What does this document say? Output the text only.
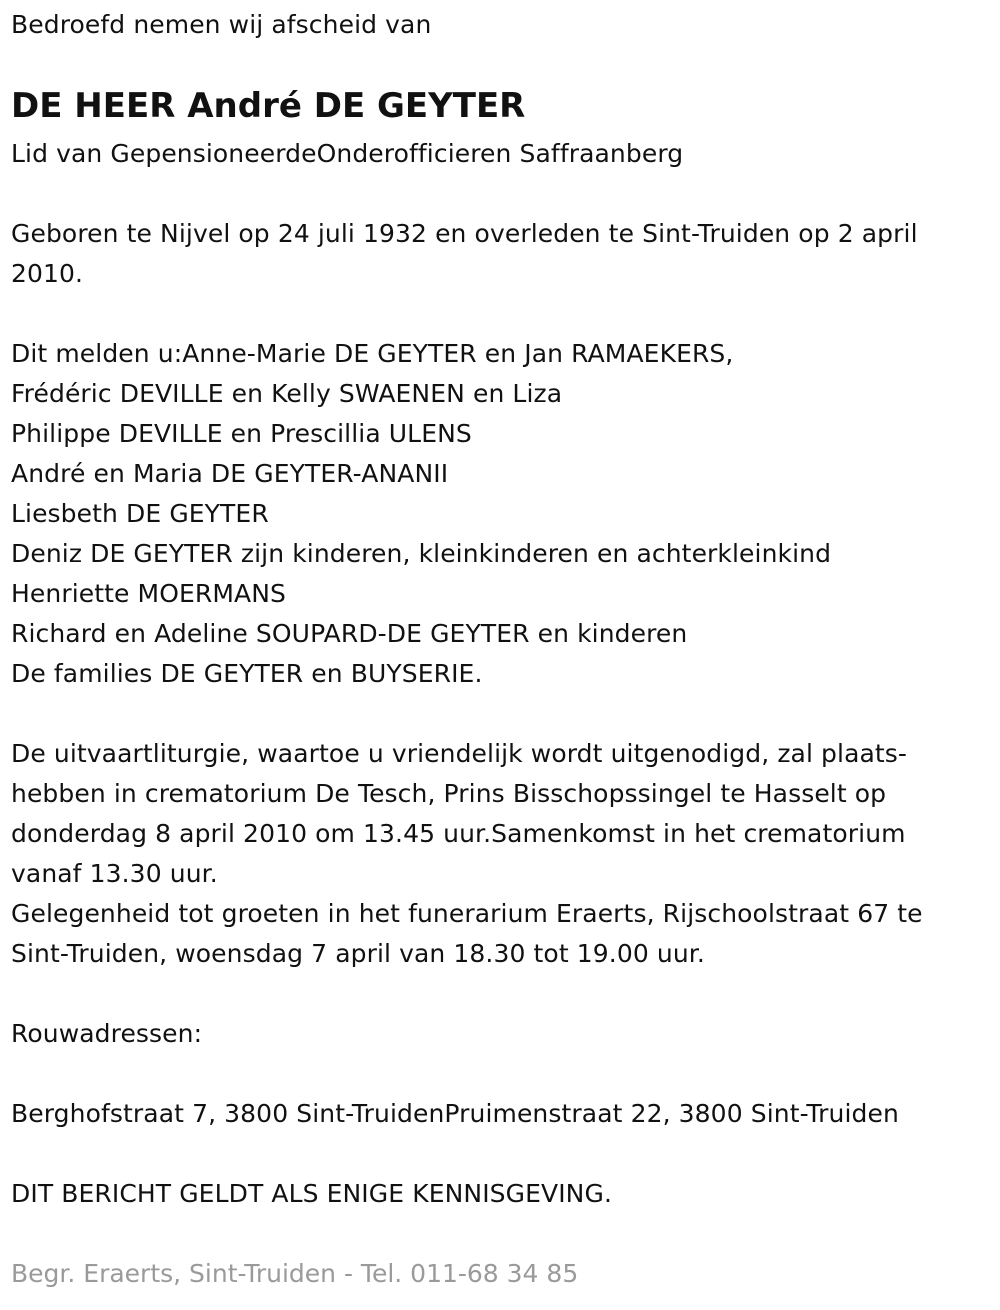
Bedroefd nemen wij afscheid van
DE HEER André DE GEYTER
Lid van GepensioneerdeOnderofficieren Saffraanberg
Geboren te Nijvel op 24 juli 1932 en overleden te Sint-Truiden op 2 april
2010.
Dit melden u:Anne-Marie DE GEYTER en Jan RAMAEKERS,
Frédéric DEVILLE en Kelly SWAENEN en Liza
Philippe DEVILLE en Prescillia ULENS
André en Maria DE GEYTER-ANANII
Liesbeth DE GEYTER
Deniz DE GEYTER zijn kinderen, kleinkinderen en achterkleinkind
Henriette MOERMANS
Richard en Adeline SOUPARD-DE GEYTER en kinderen
De families DE GEYTER en BUYSERIE.
De uitvaartliturgie, waartoe u vriendelijk wordt uitgenodigd, zal plaats-
hebben in crematorium De Tesch, Prins Bisschopssingel te Hasselt op
donderdag 8 april 2010 om 13.45 uur.Samenkomst in het crematorium
vanaf 13.30 uur.
Gelegenheid tot groeten in het funerarium Eraerts, Rijschoolstraat 67 te
Sint-Truiden, woensdag 7 april van 18.30 tot 19.00 uur.
Rouwadressen:
Berghofstraat 7, 3800 Sint-TruidenPruimenstraat 22, 3800 Sint-Truiden
DIT BERICHT GELDT ALS ENIGE KENNISGEVING.
Begr. Eraerts, Sint-Truiden - Tel. 011-68 34 85
